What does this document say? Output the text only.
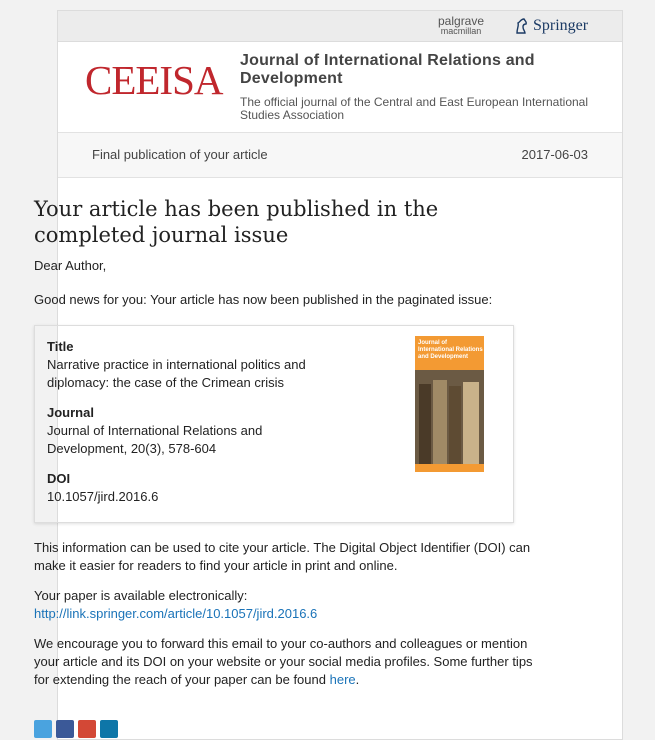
palgrave
macmillan	Springer
CEEISA Journal of International Relations and Development
The official journal of the Central and East European International Studies Association
Final publication of your article	2017-06-03
Your article has been published in the completed journal issue

Dear Author,

Good news for you: Your article has now been published in the paginated issue:

Title
Narrative practice in international politics and diplomacy: the case of the Crimean crisis
Journal
Journal of International Relations and Development, 20(3), 578-604
DOI
10.1057/jird.2016.6
Journal of International Relations and Development

This information can be used to cite your article. The Digital Object Identifier (DOI) can make it easier for readers to find your article in print and online.

Your paper is available electronically:
http://link.springer.com/article/10.1057/jird.2016.6

We encourage you to forward this email to your co-authors and colleagues or mention your article and its DOI on your website or your social media profiles. Some further tips for extending the reach of your paper can be found here.
